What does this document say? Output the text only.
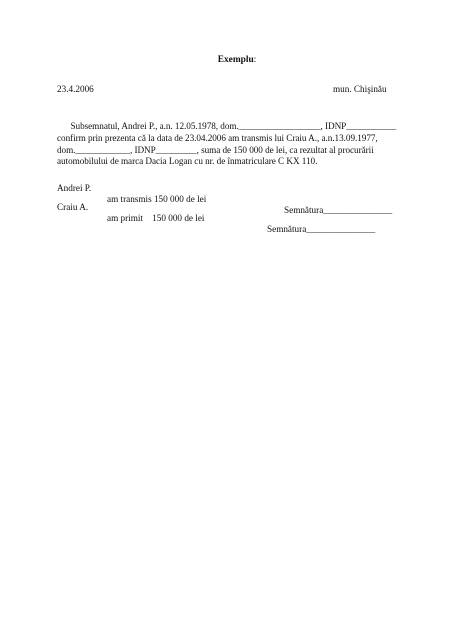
Exemplu:
23.4.2006	mun. Chişinău
Subsemnatul, Andrei P., a.n. 12.05.1978, dom.__________________, IDNP___________
confirm prin prezenta că la data de 23.04.2006 am transmis lui Craiu A., a.n.13.09.1977,
dom.____________, IDNP_________, suma de 150 000 de lei, ca rezultat al procurării
automobilului de marca Dacia Logan cu nr. de înmatriculare C KX 110.

Andrei P.

am transmis 150 000 de lei

Semnătura_______________

Craiu A.

am primit    150 000 de lei

Semnătura_______________
